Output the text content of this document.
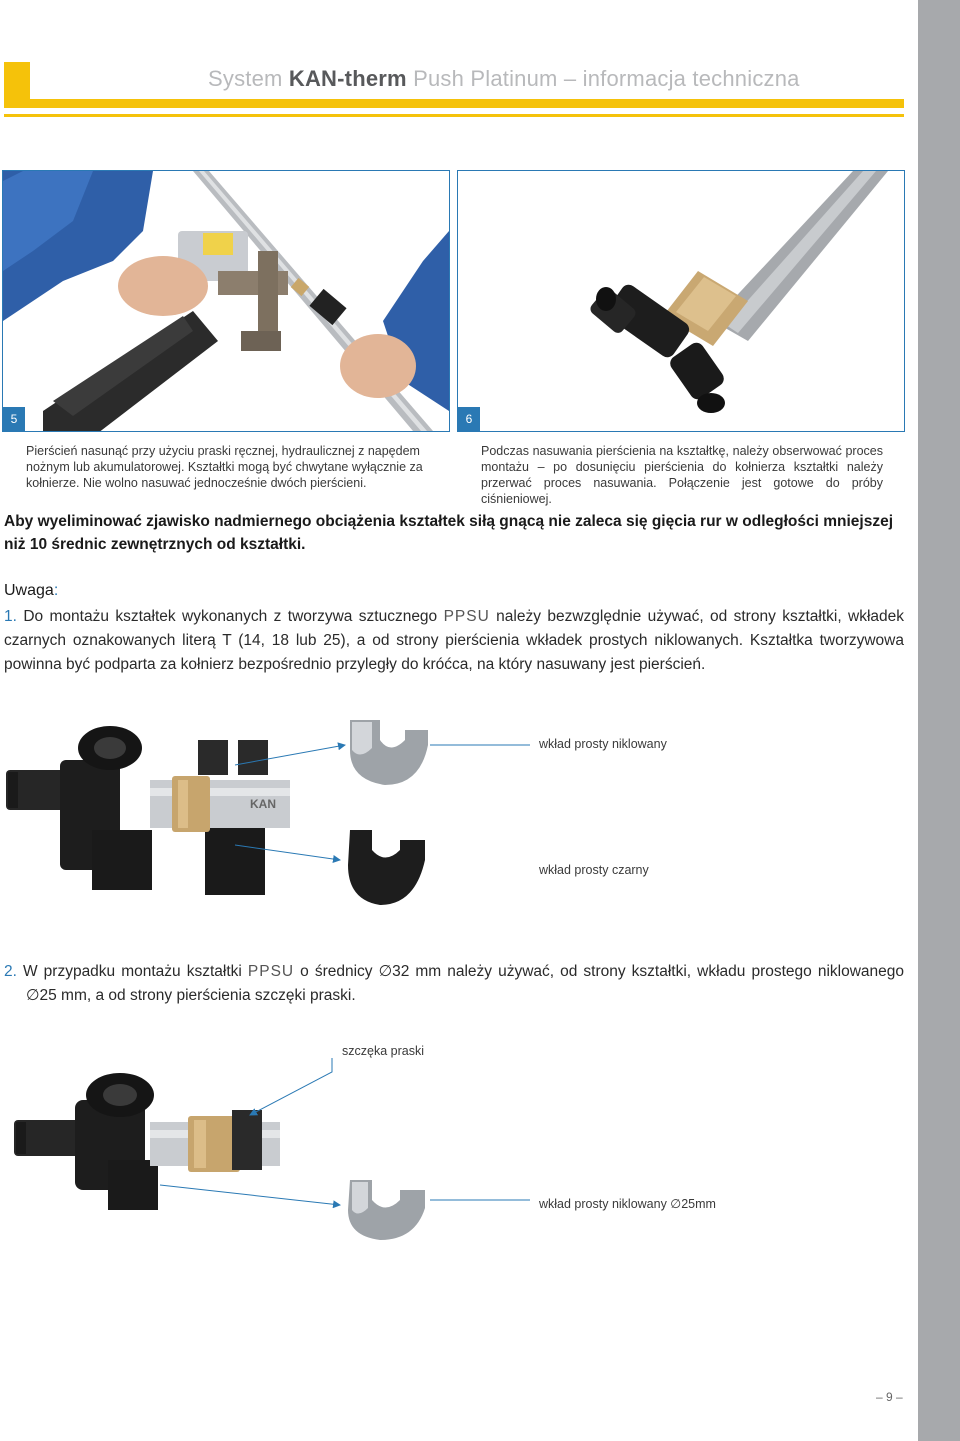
System KAN-therm Push Platinum – informacja techniczna
5	6
Pierścień nasunąć przy użyciu praski ręcznej, hydraulicznej z napędem nożnym lub akumulatorowej. Kształtki mogą być chwytane wyłącznie za kołnierze. Nie wolno nasuwać jednocześnie dwóch pierścieni.
Podczas nasuwania pierścienia na kształtkę, należy obserwować proces montażu – po dosunięciu pierścienia do kołnierza kształtki należy przerwać proces nasuwania. Połączenie jest gotowe do próby ciśnieniowej.
Aby wyeliminować zjawisko nadmiernego obciążenia kształtek siłą gnącą nie zaleca się gięcia rur w odległości mniejszej niż 10 średnic zewnętrznych od kształtki.
Uwaga:
1. Do montażu kształtek wykonanych z tworzywa sztucznego PPSU należy bezwzględnie używać, od strony kształtki, wkładek czarnych oznakowanych literą T (14, 18 lub 25), a od strony pierścienia wkładek prostych niklowanych. Kształtka tworzywowa powinna być podparta za kołnierz bezpośrednio przyległy do króćca, na który nasuwany jest pierścień.
KAN
wkład prosty niklowany
wkład prosty czarny
2. W przypadku montażu kształtki PPSU o średnicy ∅32 mm należy używać, od strony kształtki, wkładu prostego niklowanego ∅25 mm, a od strony pierścienia szczęki praski.
szczęka praski
wkład prosty niklowany ∅25mm
– 9 –
